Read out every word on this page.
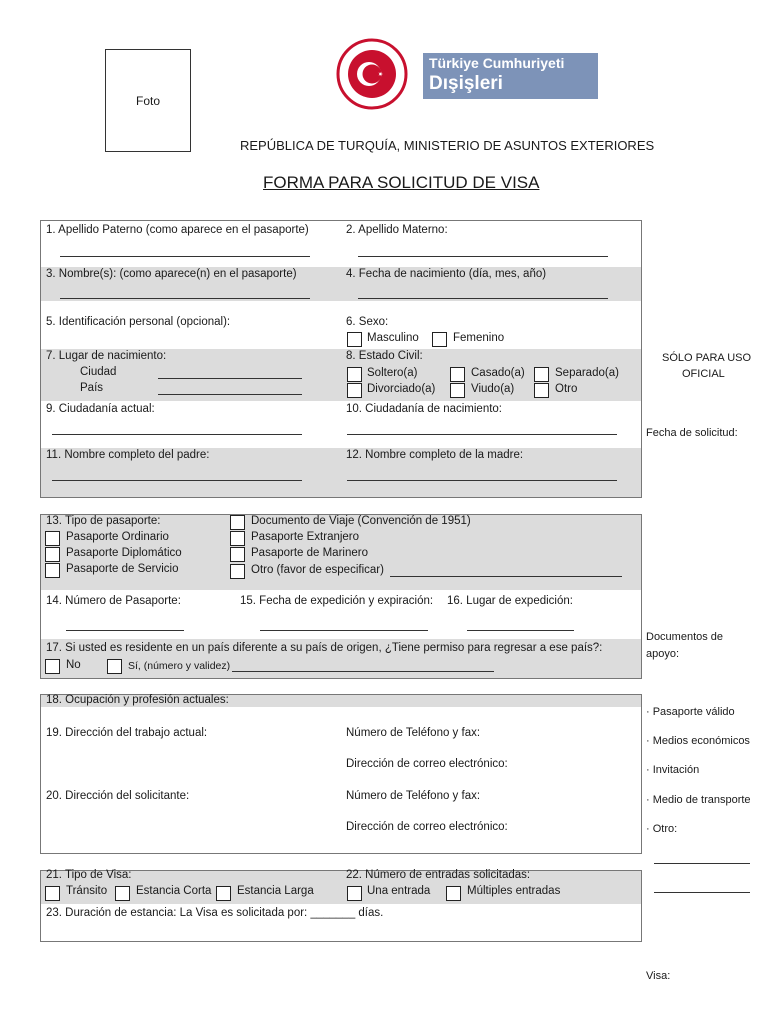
Foto
Türkiye Cumhuriyeti
Dışişleri Bakanlığı
REPÚBLICA DE TURQUÍA, MINISTERIO DE ASUNTOS EXTERIORES
FORMA PARA SOLICITUD DE VISA
1. Apellido Paterno (como aparece en el pasaporte)	2. Apellido Materno:
3. Nombre(s): (como aparece(n) en el pasaporte)	4. Fecha de nacimiento (día, mes, año)
5. Identificación personal (opcional):	6. Sexo:
Masculino	Femenino
7. Lugar de nacimiento:
Ciudad
País
8. Estado Civil:
Soltero(a)	Casado(a)	Separado(a)
Divorciado(a)	Viudo(a)	Otro
9. Ciudadanía actual:	10. Ciudadanía de nacimiento:
11. Nombre completo del padre:	12. Nombre completo de la madre:
13. Tipo de pasaporte:
Pasaporte Ordinario
Pasaporte Diplomático
Pasaporte de Servicio
Documento de Viaje (Convención de 1951)
Pasaporte Extranjero
Pasaporte de Marinero
Otro (favor de especificar)
14. Número de Pasaporte:	15. Fecha de expedición y expiración: 16. Lugar de expedición:
17. Si usted es residente en un país diferente a su país de origen, ¿Tiene permiso para regresar a ese país?:
No	Sí, (número y validez)
18. Ocupación y profesión actuales:
19. Dirección del trabajo actual:	Número de Teléfono y fax:
Dirección de correo electrónico:
20. Dirección del solicitante:	Número de Teléfono y fax:
Dirección de correo electrónico:
21. Tipo de Visa:
Tránsito	Estancia Corta Estancia Larga
22. Número de entradas solicitadas:
Una entrada	Múltiples entradas
23. Duración de estancia: La Visa es solicitada por: _______ días.
SÓLO PARA USO
OFICIAL
Fecha de solicitud:
Documentos de
apoyo:
· Pasaporte válido
· Medios económicos
· Invitación
· Medio de transporte
· Otro:
Visa:
